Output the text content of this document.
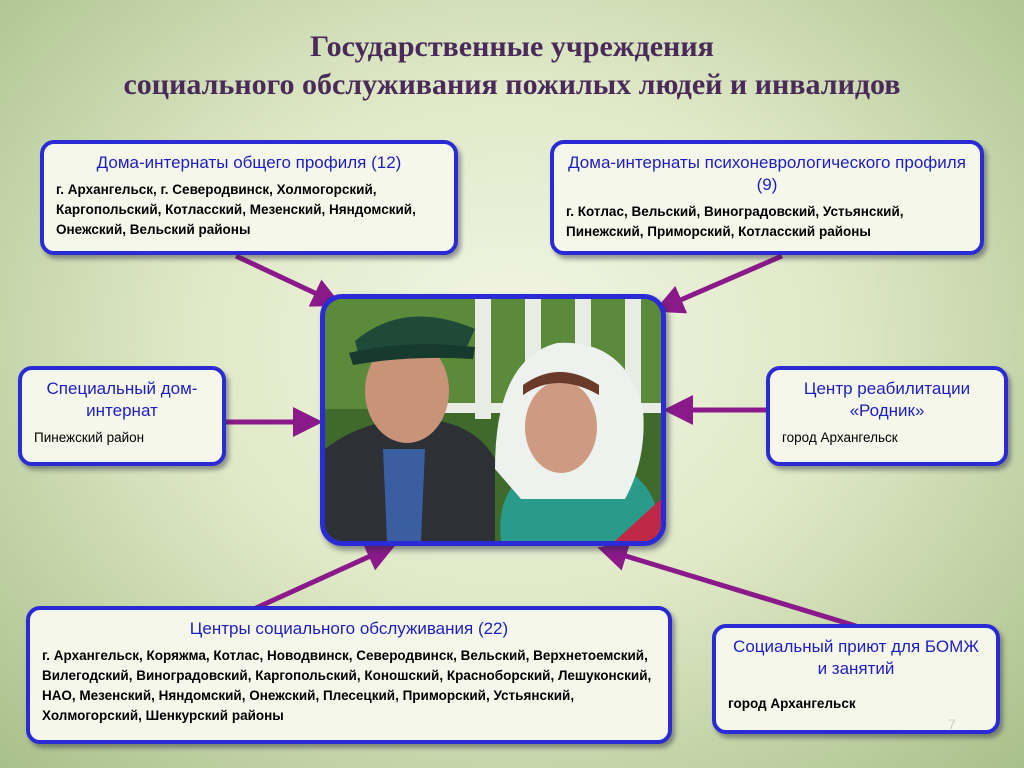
Государственные учреждения
социального обслуживания пожилых людей и инвалидов
Дома-интернаты общего профиля (12)
г. Архангельск, г. Северодвинск, Холмогорский, Каргопольский, Котласский, Мезенский, Няндомский, Онежский, Вельский районы
Дома-интернаты психоневрологического профиля (9)
г. Котлас, Вельский, Виноградовский, Устьянский, Пинежский, Приморский, Котласский районы
Специальный дом-интернат
Пинежский район
Центр реабилитации «Родник»
город Архангельск
Центры социального обслуживания (22)
г. Архангельск, Коряжма, Котлас, Новодвинск, Северодвинск, Вельский, Верхнетоемский, Вилегодский, Виноградовский, Каргопольский, Коношский, Красноборский, Лешуконский, НАО, Мезенский, Няндомский, Онежский, Плесецкий, Приморский, Устьянский, Холмогорский, Шенкурский районы
Социальный приют для БОМЖ и занятий
город Архангельск
7
